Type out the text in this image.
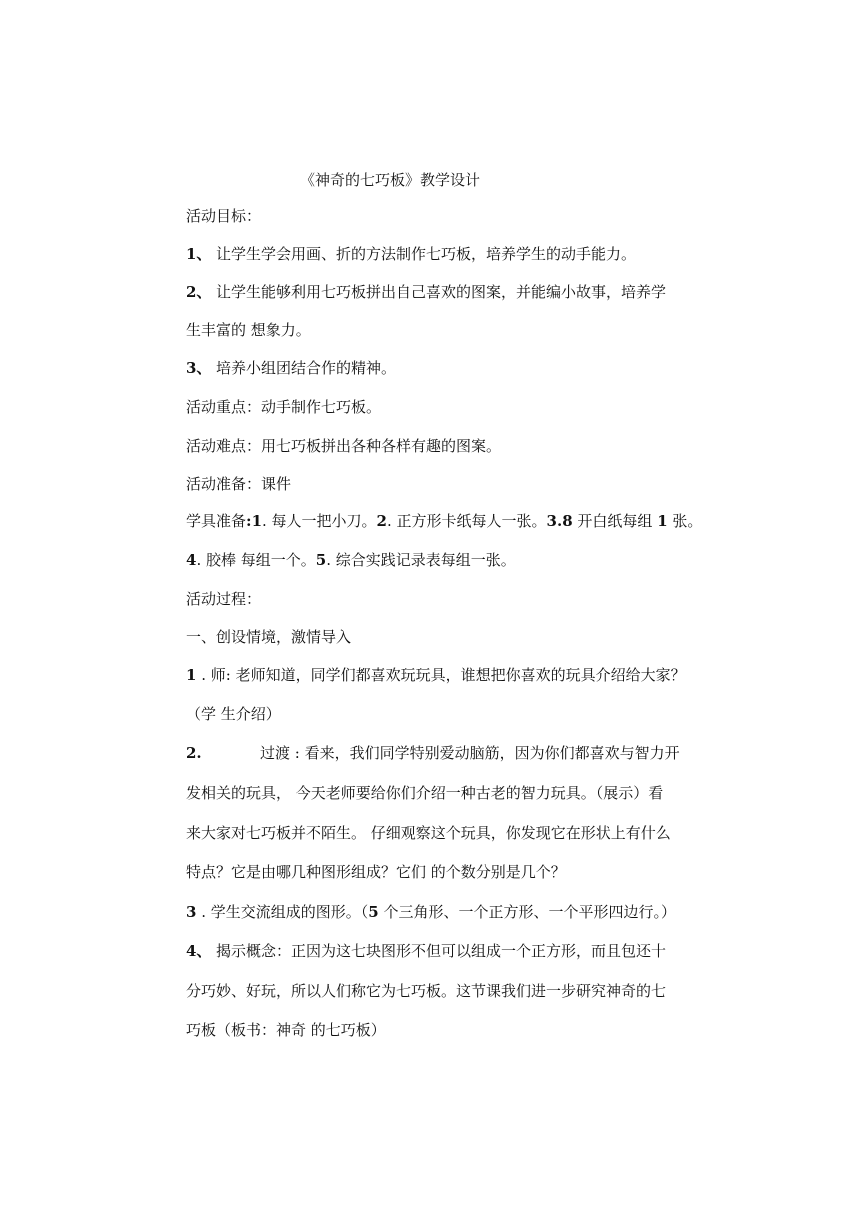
《神奇的七巧板》教学设计
活动目标：
1、 让学生学会用画、折的方法制作七巧板，培养学生的动手能力。
2、 让学生能够利用七巧板拼出自己喜欢的图案，并能编小故事，培养学
生丰富的 想象力。
3、 培养小组团结合作的精神。
活动重点：动手制作七巧板。
活动难点：用七巧板拼出各种各样有趣的图案。
活动准备：课件
学具准备:1. 每人一把小刀。2. 正方形卡纸每人一张。3.8 开白纸每组 1 张。
4. 胶棒 每组一个。5. 综合实践记录表每组一张。
活动过程：
一、创设情境，激情导入
1 . 师: 老师知道，同学们都喜欢玩玩具，谁想把你喜欢的玩具介绍给大家？
（学 生介绍）
2.	过渡 : 看来，我们同学特别爱动脑筋，因为你们都喜欢与智力开
发相关的玩具， 今天老师要给你们介绍一种古老的智力玩具。（展示）看
来大家对七巧板并不陌生。 仔细观察这个玩具，你发现它在形状上有什么
特点？它是由哪几种图形组成？它们 的个数分别是几个？
3 . 学生交流组成的图形。（5 个三角形、一个正方形、一个平形四边行。）
4、 揭示概念：正因为这七块图形不但可以组成一个正方形，而且包还十
分巧妙、好玩，所以人们称它为七巧板。这节课我们进一步研究神奇的七
巧板（板书：神奇 的七巧板）
